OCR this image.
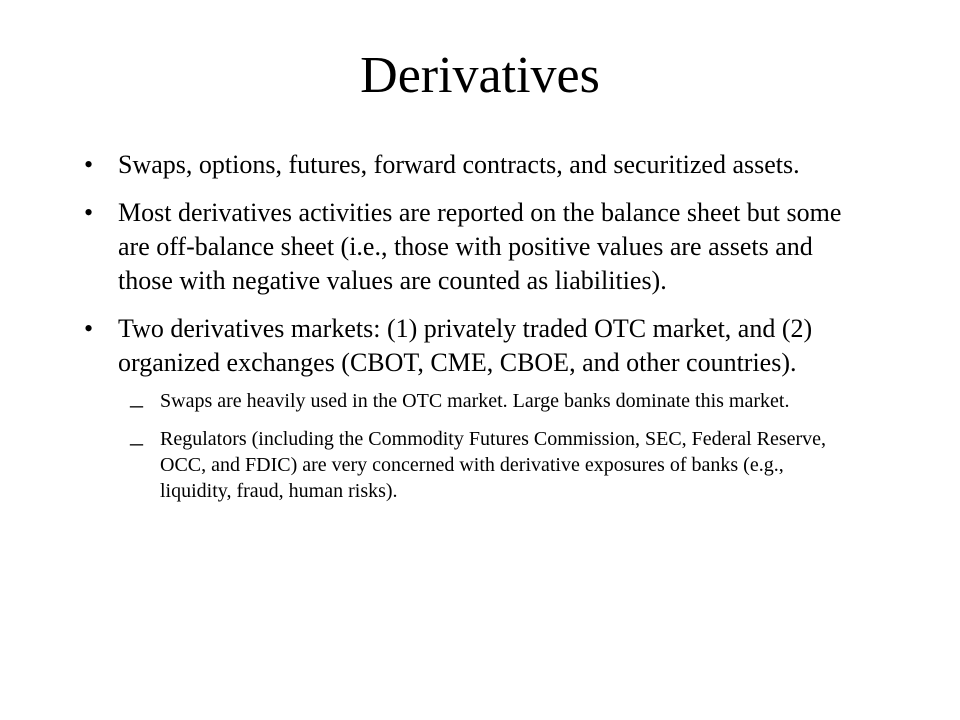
Derivatives
• Swaps, options, futures, forward contracts, and securitized assets.
• Most derivatives activities are reported on the balance sheet but some are off-balance sheet (i.e., those with positive values are assets and those with negative values are counted as liabilities).
• Two derivatives markets: (1) privately traded OTC market, and (2) organized exchanges (CBOT, CME, CBOE, and other countries).
– Swaps are heavily used in the OTC market. Large banks dominate this market.
– Regulators (including the Commodity Futures Commission, SEC, Federal Reserve, OCC, and FDIC) are very concerned with derivative exposures of banks (e.g., liquidity, fraud, human risks).
